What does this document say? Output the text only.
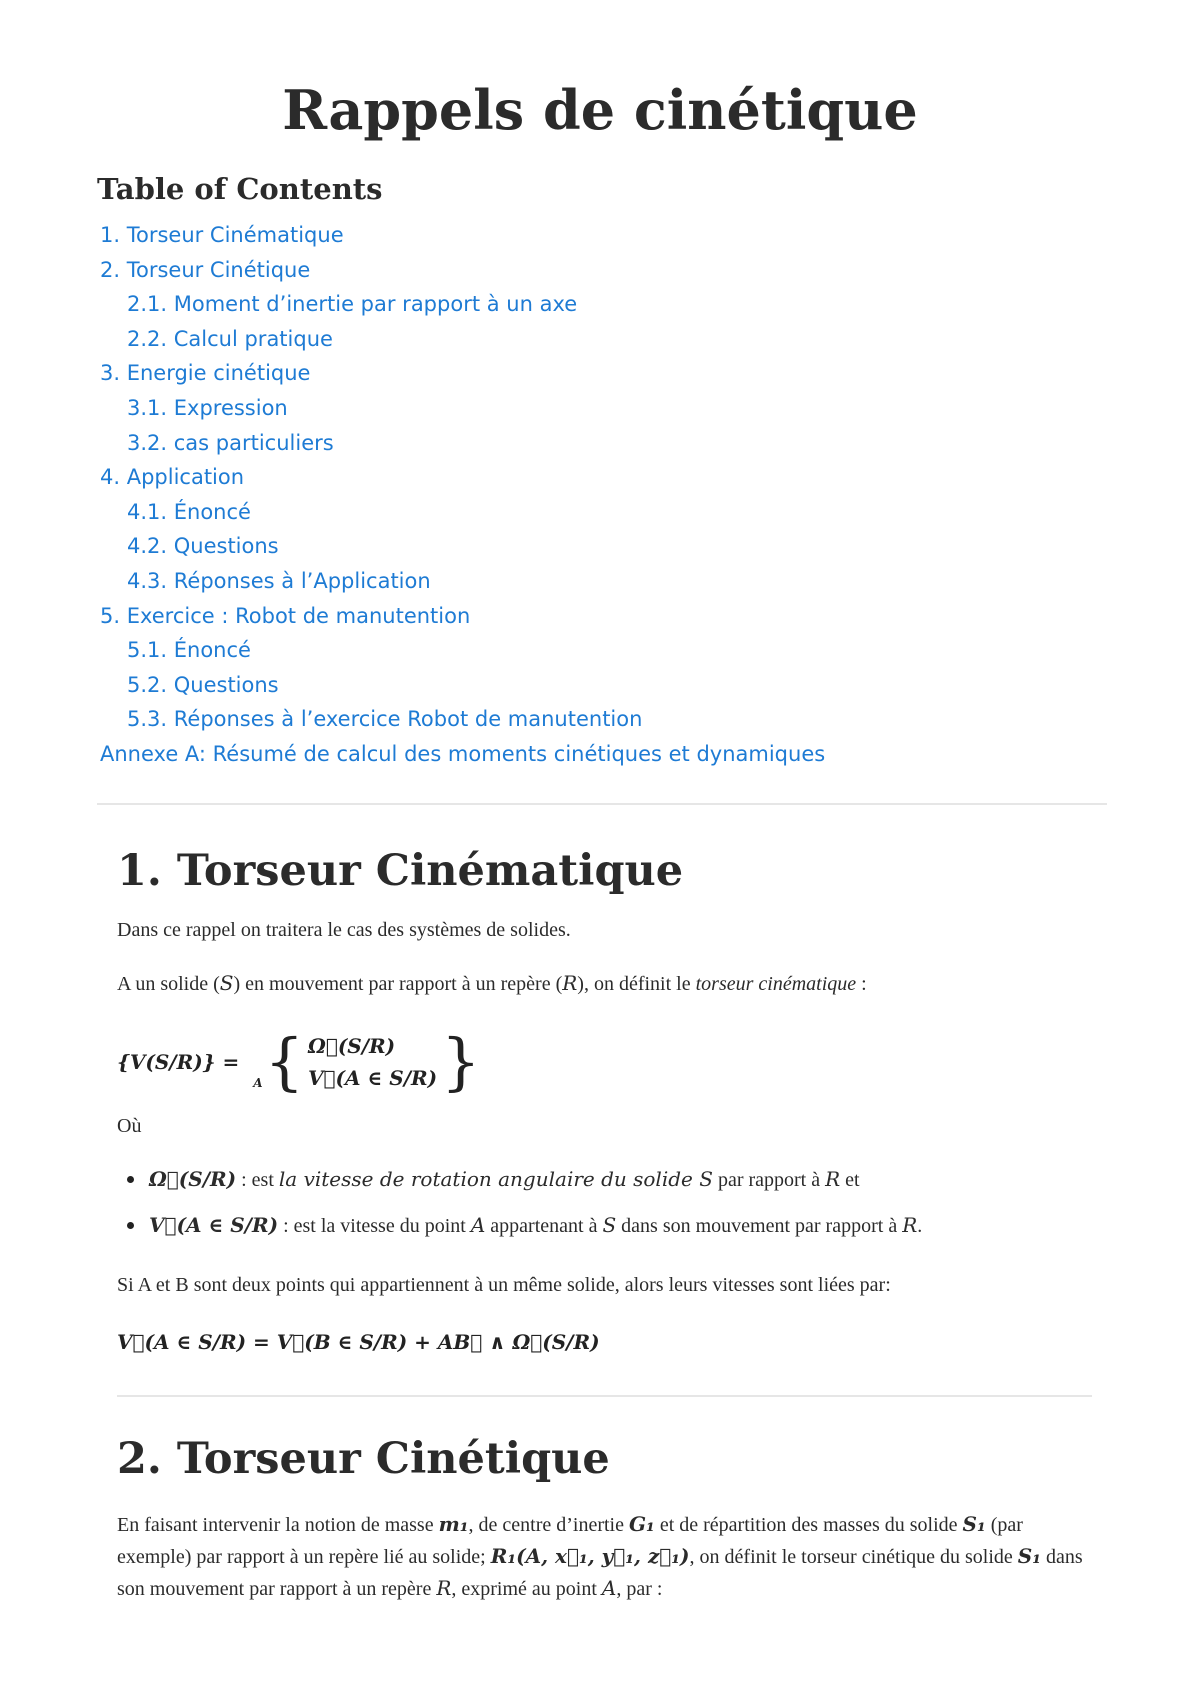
Rappels de cinétique
Table of Contents
1. Torseur Cinématique
2. Torseur Cinétique
2.1. Moment d’inertie par rapport à un axe
2.2. Calcul pratique
3. Energie cinétique
3.1. Expression
3.2. cas particuliers
4. Application
4.1. Énoncé
4.2. Questions
4.3. Réponses à l’Application
5. Exercice : Robot de manutention
5.1. Énoncé
5.2. Questions
5.3. Réponses à l’exercice Robot de manutention
Annexe A: Résumé de calcul des moments cinétiques et dynamiques
1. Torseur Cinématique

Dans ce rappel on traitera le cas des systèmes de solides.

A un solide (S) en mouvement par rapport à un repère (R), on définit le torseur cinématique :

{V(S/R)} =
A { Ω⃗(S/R)
V⃗(A ∈ S/R) }

Où

Ω⃗(S/R) : est la vitesse de rotation angulaire du solide S par rapport à R et
V⃗(A ∈ S/R) : est la vitesse du point A appartenant à S dans son mouvement par rapport à R.

Si A et B sont deux points qui appartiennent à un même solide, alors leurs vitesses sont liées par:

V⃗(A ∈ S/R) = V⃗(B ∈ S/R) + AB⃗ ∧ Ω⃗(S/R)

2. Torseur Cinétique

En faisant intervenir la notion de masse m₁, de centre d’inertie G₁ et de répartition des masses du solide S₁ (par exemple) par rapport à un repère lié au solide; R₁(A, x⃗₁, y⃗₁, z⃗₁), on définit le torseur cinétique du solide S₁ dans son mouvement par rapport à un repère R, exprimé au point A, par :
